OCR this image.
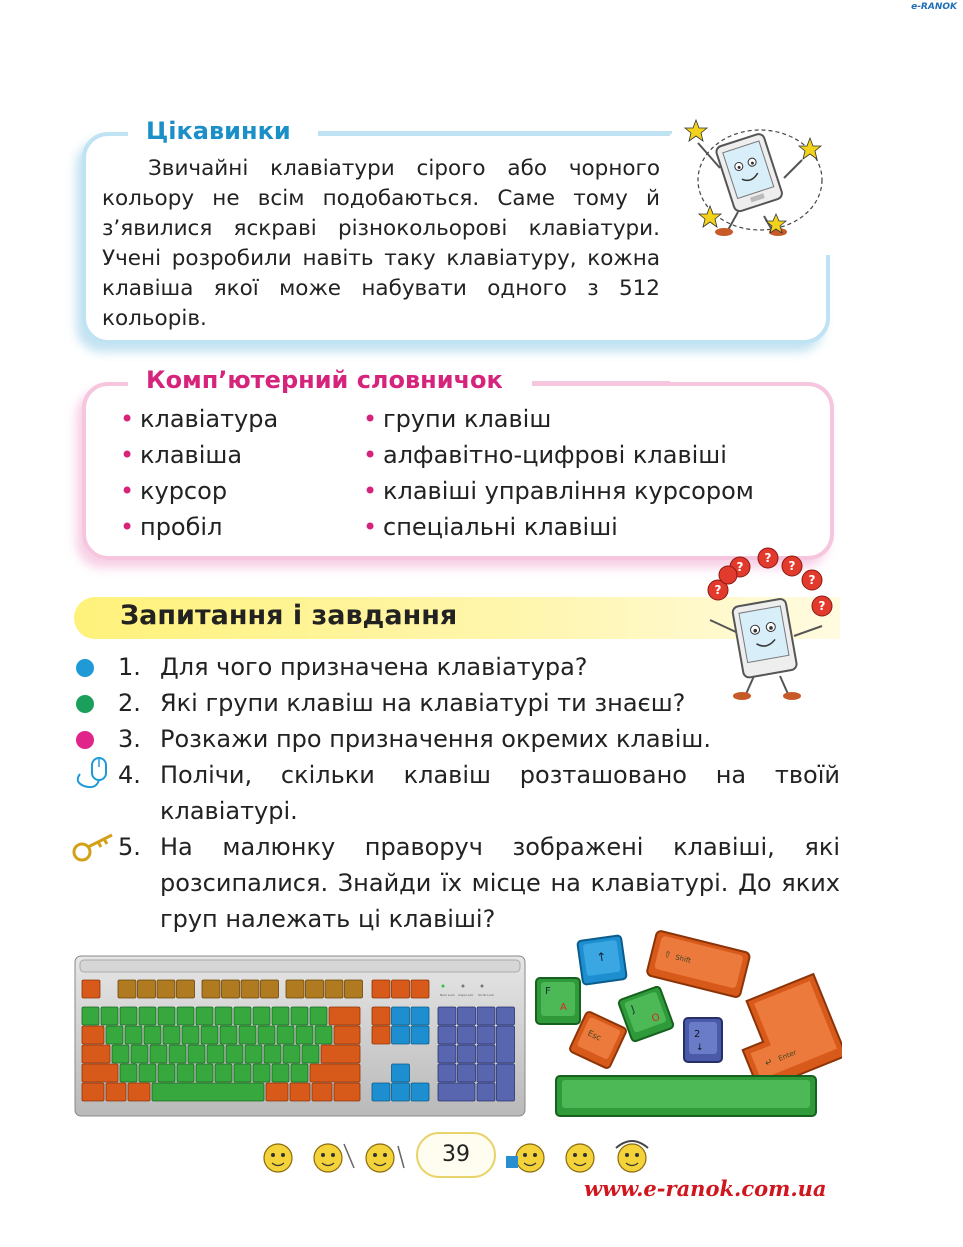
e-RANOK
Цікавинки
Звичайні клавіатури сірого або чорного кольору не всім подобаються. Саме тому й з’явилися яскраві різнокольорові клавіатури. Учені розробили навіть таку клавіатуру, кожна клавіша якої може набувати одного з 512 кольорів.
Комп’ютерний словничок
• клавіатура
• клавіша
• курсор
• пробіл
• групи клавіш
• алфавітно-цифрові клавіші
• клавіші управління курсором
• спеціальні клавіші
Запитання і завдання
?
?
?
?
?
?
1. Для чого призначена клавіатура?
2. Які групи клавіш на клавіатурі ти знаєш?
3. Розкажи про призначення окремих клавіш.
4. Полічи, скільки клавіш розташовано на твоїй клавіатурі.
5. На малюнку праворуч зображені клавіші, які розсипалися. Знайди їх місце на клавіатурі. До яких груп належать ці клавіші?
Num Lock Caps Lock Scroll Lock
↑	⇧ Shift
F
A	J
O
Esc	2
↓
↵
Enter
39
www.e-ranok.com.ua
